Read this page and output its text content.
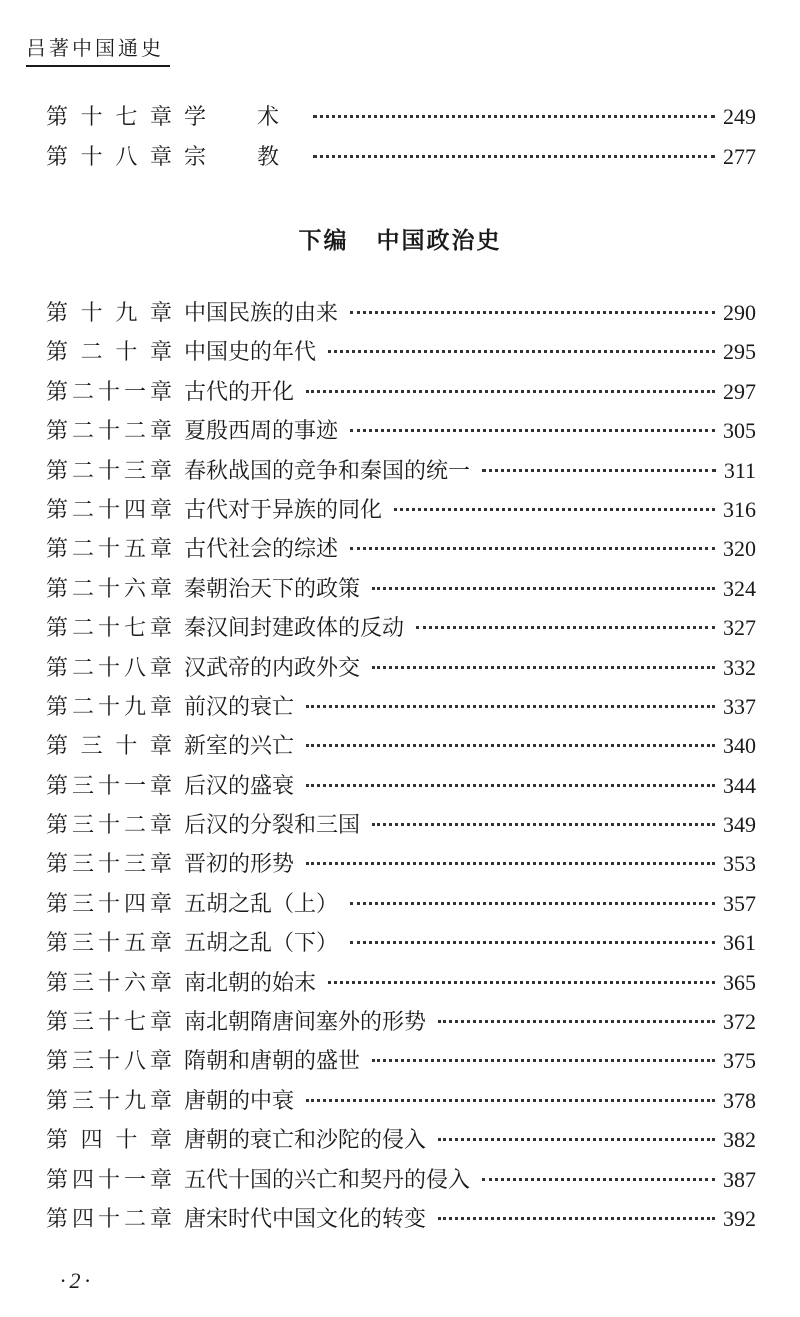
吕著中国通史
第十七章 学 术	249
第十八章 宗 教	277
下编 中国政治史
第十九章 中国民族的由来	290
第二十章 中国史的年代	295
第二十一章 古代的开化	297
第二十二章 夏殷西周的事迹	305
第二十三章 春秋战国的竞争和秦国的统一	311
第二十四章 古代对于异族的同化	316
第二十五章 古代社会的综述	320
第二十六章 秦朝治天下的政策	324
第二十七章 秦汉间封建政体的反动	327
第二十八章 汉武帝的内政外交	332
第二十九章 前汉的衰亡	337
第三十章 新室的兴亡	340
第三十一章 后汉的盛衰	344
第三十二章 后汉的分裂和三国	349
第三十三章 晋初的形势	353
第三十四章 五胡之乱（上）	357
第三十五章 五胡之乱（下）	361
第三十六章 南北朝的始末	365
第三十七章 南北朝隋唐间塞外的形势	372
第三十八章 隋朝和唐朝的盛世	375
第三十九章 唐朝的中衰	378
第四十章 唐朝的衰亡和沙陀的侵入	382
第四十一章 五代十国的兴亡和契丹的侵入	387
第四十二章 唐宋时代中国文化的转变	392
·2·
